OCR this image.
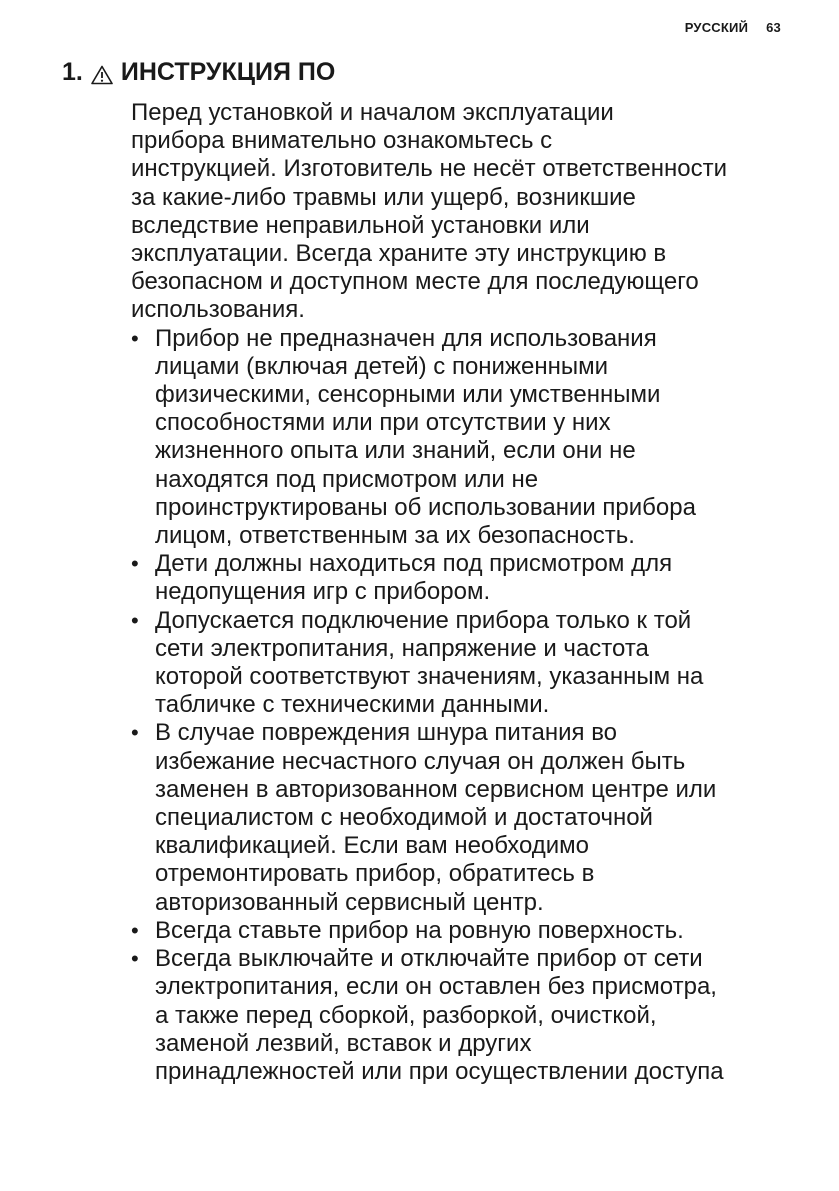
РУССКИЙ 63
1. ИНСТРУКЦИЯ ПО

Перед установкой и началом эксплуатации
прибора внимательно ознакомьтесь с
инструкцией. Изготовитель не несёт ответственности
за какие-либо травмы или ущерб, возникшие
вследствие неправильной установки или
эксплуатации. Всегда храните эту инструкцию в
безопасном и доступном месте для последующего
использования.

• Прибор не предназначен для использования
лицами (включая детей) с пониженными
физическими, сенсорными или умственными
способностями или при отсутствии у них
жизненного опыта или знаний, если они не
находятся под присмотром или не
проинструктированы об использовании прибора
лицом, ответственным за их безопасность.
• Дети должны находиться под присмотром для
недопущения игр с прибором.
• Допускается подключение прибора только к той
сети электропитания, напряжение и частота
которой соответствуют значениям, указанным на
табличке с техническими данными.
• В случае повреждения шнура питания во
избежание несчастного случая он должен быть
заменен в авторизованном сервисном центре или
специалистом с необходимой и достаточной
квалификацией. Если вам необходимо
отремонтировать прибор, обратитесь в
авторизованный сервисный центр.
• Всегда ставьте прибор на ровную поверхность.
• Всегда выключайте и отключайте прибор от сети
электропитания, если он оставлен без присмотра,
а также перед сборкой, разборкой, очисткой,
заменой лезвий, вставок и других
принадлежностей или при осуществлении доступа
